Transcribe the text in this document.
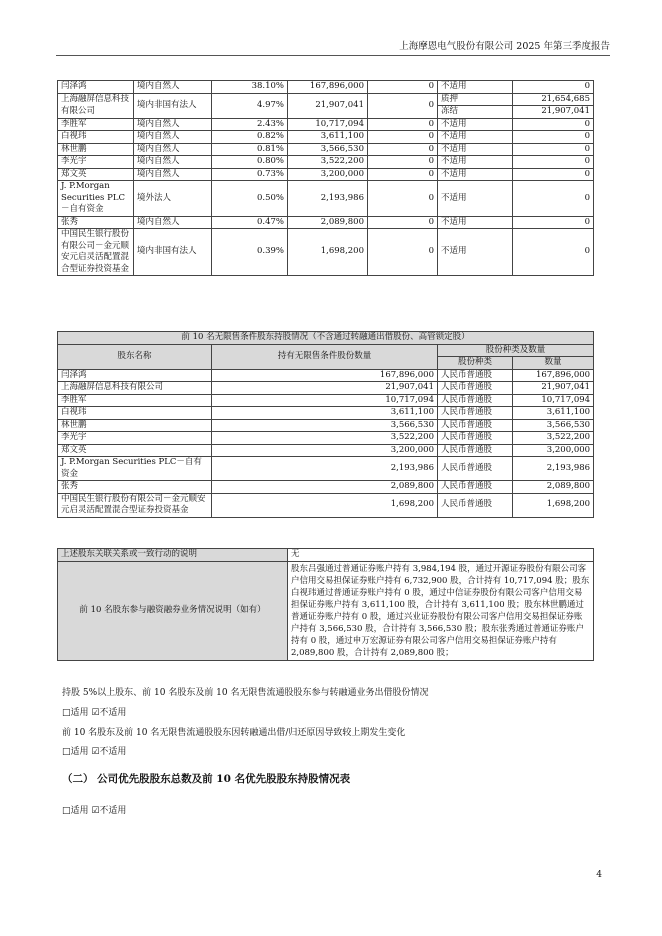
上海摩恩电气股份有限公司 2025 年第三季度报告
闫泽鸿	境内自然人	38.10%	167,896,000	0	不适用	0
上海融屏信息科技有限公司	境内非国有法人	4.97%	21,907,041	0	质押	21,654,685
					冻结	21,907,041
李胜军	境内自然人	2.43%	10,717,094	0	不适用	0
白视玮	境内自然人	0.82%	3,611,100	0	不适用	0
林世鹏	境内自然人	0.81%	3,566,530	0	不适用	0
李光宇	境内自然人	0.80%	3,522,200	0	不适用	0
郑文英	境内自然人	0.73%	3,200,000	0	不适用	0
J. P.Morgan Securities PLC－自有资金	境外法人	0.50%	2,193,986	0	不适用	0
张秀	境内自然人	0.47%	2,089,800	0	不适用	0
中国民生银行股份有限公司－金元顺安元启灵活配置混合型证券投资基金	境内非国有法人	0.39%	1,698,200	0	不适用	0
前 10 名无限售条件股东持股情况（不含通过转融通出借股份、高管锁定股）			
股东名称	持有无限售条件股份数量	股份种类及数量	
		股份种类	数量
闫泽鸿	167,896,000	人民币普通股	167,896,000
上海融屏信息科技有限公司	21,907,041	人民币普通股	21,907,041
李胜军	10,717,094	人民币普通股	10,717,094
白视玮	3,611,100	人民币普通股	3,611,100
林世鹏	3,566,530	人民币普通股	3,566,530
李光宇	3,522,200	人民币普通股	3,522,200
郑文英	3,200,000	人民币普通股	3,200,000
J. P.Morgan Securities PLC－自有资金	2,193,986	人民币普通股	2,193,986
张秀	2,089,800	人民币普通股	2,089,800
中国民生银行股份有限公司－金元顺安元启灵活配置混合型证券投资基金	1,698,200	人民币普通股	1,698,200
上述股东关联关系或一致行动的说明	无
前 10 名股东参与融资融券业务情况说明（如有）	股东吕强通过普通证券账户持有 3,984,194 股，通过开源证券股份有限公司客户信用交易担保证券账户持有 6,732,900 股，合计持有 10,717,094 股；股东白视玮通过普通证券账户持有 0 股，通过中信证券股份有限公司客户信用交易担保证券账户持有 3,611,100 股，合计持有 3,611,100 股；股东林世鹏通过普通证券账户持有 0 股，通过兴业证券股份有限公司客户信用交易担保证券账户持有 3,566,530 股，合计持有 3,566,530 股；股东张秀通过普通证券账户持有 0 股，通过申万宏源证券有限公司客户信用交易担保证券账户持有 2,089,800 股，合计持有 2,089,800 股；
持股 5%以上股东、前 10 名股东及前 10 名无限售流通股股东参与转融通业务出借股份情况
□适用 ☑不适用
前 10 名股东及前 10 名无限售流通股股东因转融通出借/归还原因导致较上期发生变化
□适用 ☑不适用
（二） 公司优先股股东总数及前 10 名优先股股东持股情况表
□适用 ☑不适用
4
